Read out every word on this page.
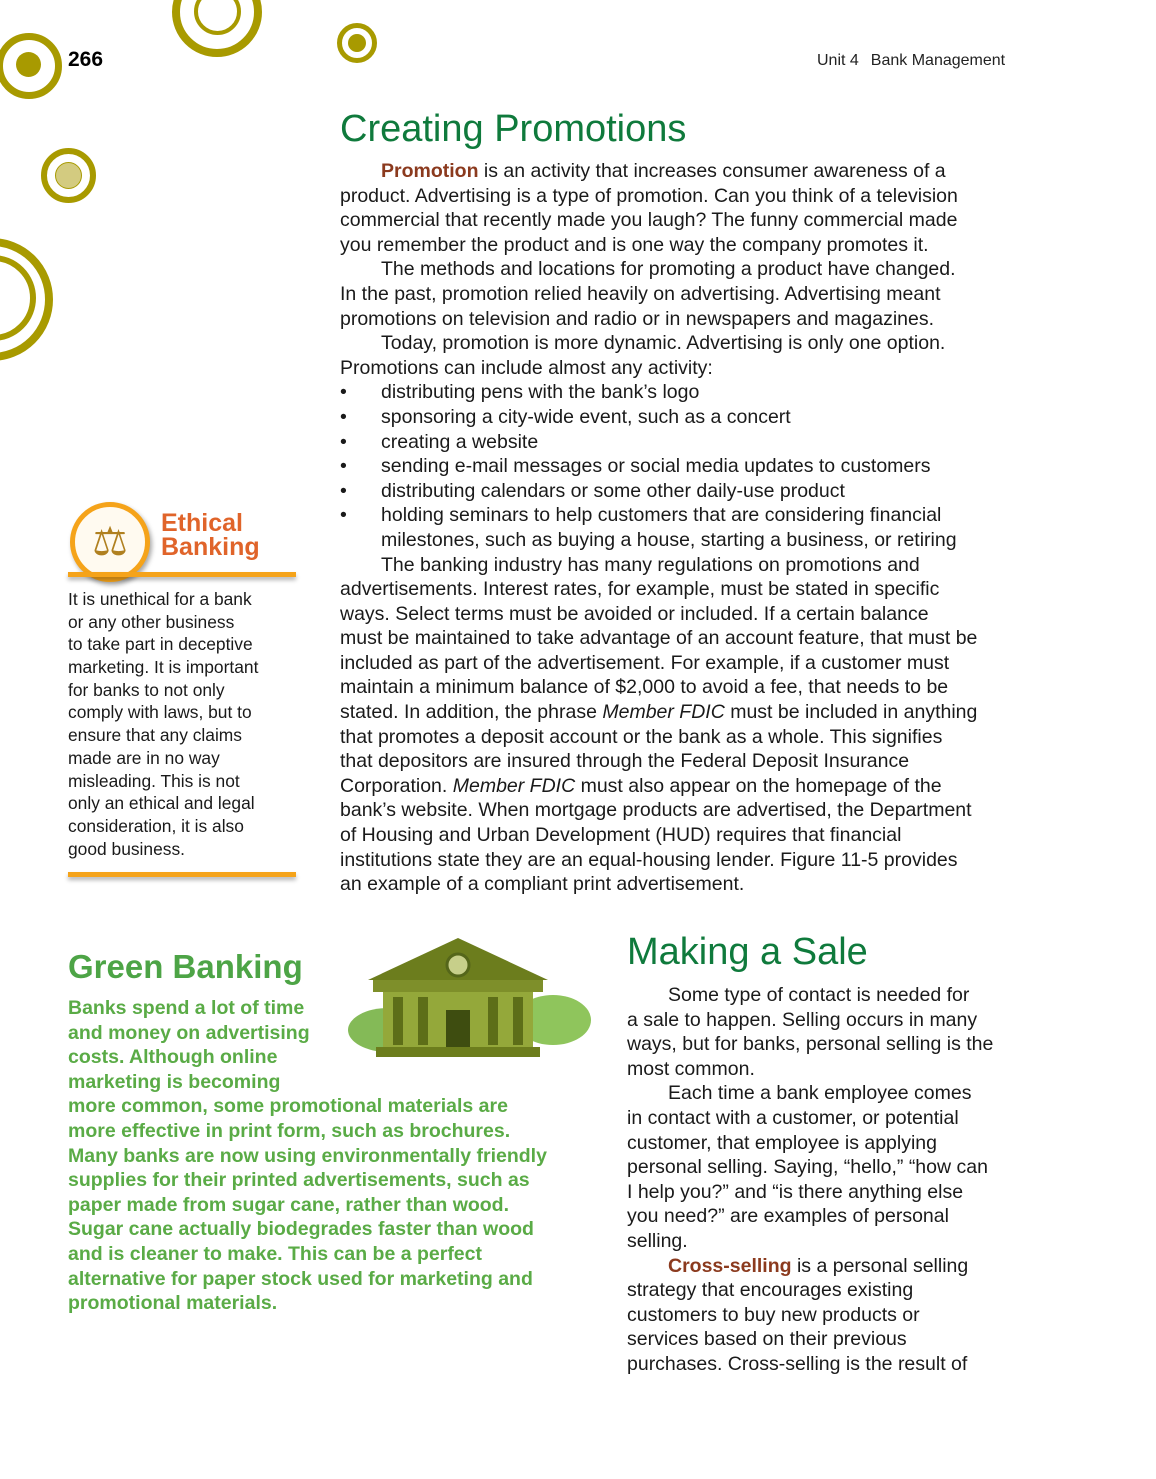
266	Unit 4 Bank Management
Creating Promotions
Promotion is an activity that increases consumer awareness of a
product. Advertising is a type of promotion. Can you think of a television
commercial that recently made you laugh? The funny commercial made
you remember the product and is one way the company promotes it.
The methods and locations for promoting a product have changed.
In the past, promotion relied heavily on advertising. Advertising meant
promotions on television and radio or in newspapers and magazines.
Today, promotion is more dynamic. Advertising is only one option.
Promotions can include almost any activity:
• distributing pens with the bank’s logo
• sponsoring a city-wide event, such as a concert
• creating a website
• sending e-mail messages or social media updates to customers
• distributing calendars or some other daily-use product
• holding seminars to help customers that are considering financial
milestones, such as buying a house, starting a business, or retiring
The banking industry has many regulations on promotions and
advertisements. Interest rates, for example, must be stated in specific
ways. Select terms must be avoided or included. If a certain balance
must be maintained to take advantage of an account feature, that must be
included as part of the advertisement. For example, if a customer must
maintain a minimum balance of $2,000 to avoid a fee, that needs to be
stated. In addition, the phrase Member FDIC must be included in anything
that promotes a deposit account or the bank as a whole. This signifies
that depositors are insured through the Federal Deposit Insurance
Corporation. Member FDIC must also appear on the homepage of the
bank’s website. When mortgage products are advertised, the Department
of Housing and Urban Development (HUD) requires that financial
institutions state they are an equal-housing lender. Figure 11-5 provides
an example of a compliant print advertisement.
⚖	Ethical
Banking
It is unethical for a bank
or any other business
to take part in deceptive
marketing. It is important
for banks to not only
comply with laws, but to
ensure that any claims
made are in no way
misleading. This is not
only an ethical and legal
consideration, it is also
good business.
Green Banking
Banks spend a lot of time
and money on advertising
costs. Although online
marketing is becoming
more common, some promotional materials are
more effective in print form, such as brochures.
Many banks are now using environmentally friendly
supplies for their printed advertisements, such as
paper made from sugar cane, rather than wood.
Sugar cane actually biodegrades faster than wood
and is cleaner to make. This can be a perfect
alternative for paper stock used for marketing and
promotional materials.
Making a Sale
Some type of contact is needed for
a sale to happen. Selling occurs in many
ways, but for banks, personal selling is the
most common.
Each time a bank employee comes
in contact with a customer, or potential
customer, that employee is applying
personal selling. Saying, “hello,” “how can
I help you?” and “is there anything else
you need?” are examples of personal
selling.
Cross-selling is a personal selling
strategy that encourages existing
customers to buy new products or
services based on their previous
purchases. Cross-selling is the result of
